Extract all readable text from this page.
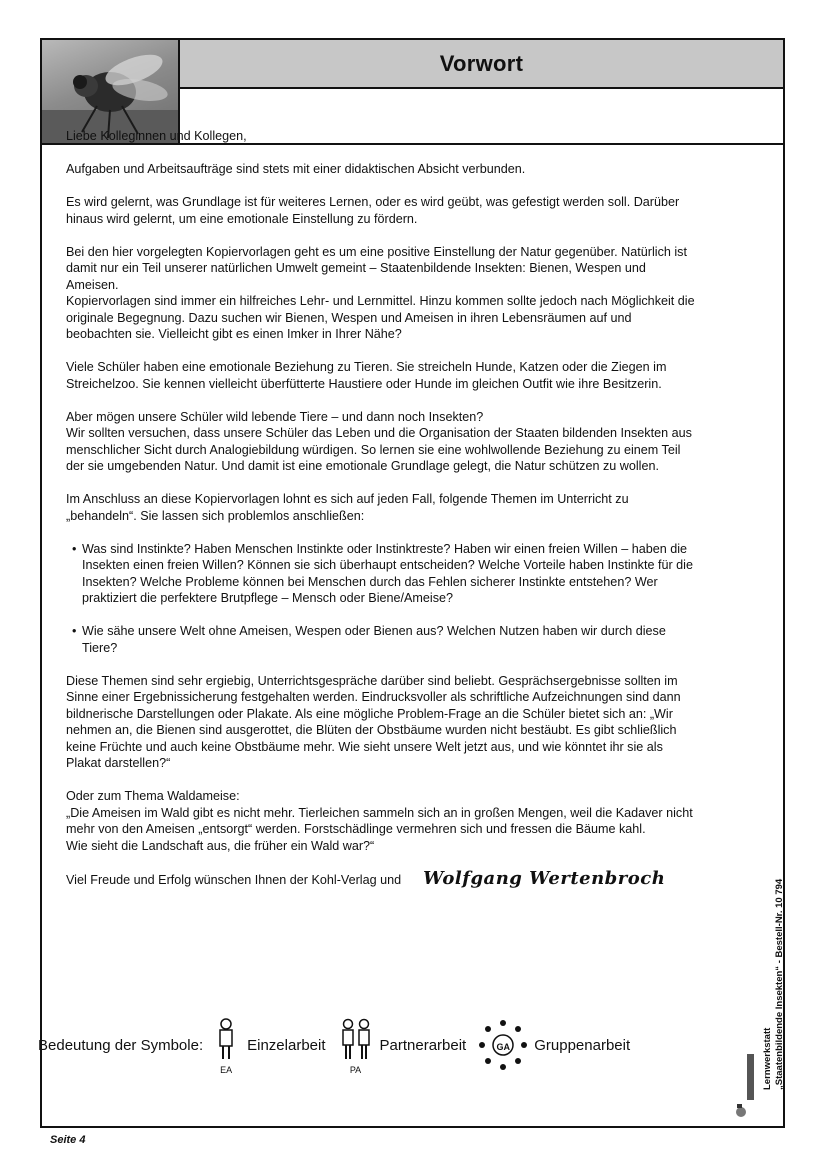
Vorwort

Liebe Kolleginnen und Kollegen,

Aufgaben und Arbeitsaufträge sind stets mit einer didaktischen Absicht verbunden.

Es wird gelernt, was Grundlage ist für weiteres Lernen, oder es wird geübt, was gefestigt werden soll. Darüber hinaus wird gelernt, um eine emotionale Einstellung zu fördern.

Bei den hier vorgelegten Kopiervorlagen geht es um eine positive Einstellung der Natur gegenüber. Natürlich ist damit nur ein Teil unserer natürlichen Umwelt gemeint – Staatenbildende Insekten: Bienen, Wespen und Ameisen.
Kopiervorlagen sind immer ein hilfreiches Lehr- und Lernmittel. Hinzu kommen sollte jedoch nach Möglichkeit die originale Begegnung. Dazu suchen wir Bienen, Wespen und Ameisen in ihren Lebensräumen auf und beobachten sie. Vielleicht gibt es einen Imker in Ihrer Nähe?

Viele Schüler haben eine emotionale Beziehung zu Tieren. Sie streicheln Hunde, Katzen oder die Ziegen im Streichelzoo. Sie kennen vielleicht überfütterte Haustiere oder Hunde im gleichen Outfit wie ihre Besitzerin.

Aber mögen unsere Schüler wild lebende Tiere – und dann noch Insekten?
Wir sollten versuchen, dass unsere Schüler das Leben und die Organisation der Staaten bildenden Insekten aus menschlicher Sicht durch Analogiebildung würdigen. So lernen sie eine wohlwollende Beziehung zu einem Teil der sie umgebenden Natur. Und damit ist eine emotionale Grundlage gelegt, die Natur schützen zu wollen.

Im Anschluss an diese Kopiervorlagen lohnt es sich auf jeden Fall, folgende Themen im Unterricht zu „behandeln“. Sie lassen sich problemlos anschließen:

• Was sind Instinkte? Haben Menschen Instinkte oder Instinktreste? Haben wir einen freien Willen – haben die Insekten einen freien Willen? Können sie sich überhaupt entscheiden? Welche Vorteile haben Instinkte für die Insekten? Welche Probleme können bei Menschen durch das Fehlen sicherer Instinkte entstehen? Wer praktiziert die perfektere Brutpflege – Mensch oder Biene/Ameise?
• Wie sähe unsere Welt ohne Ameisen, Wespen oder Bienen aus? Welchen Nutzen haben wir durch diese Tiere?

Diese Themen sind sehr ergiebig, Unterrichtsgespräche darüber sind beliebt. Gesprächsergebnisse sollten im Sinne einer Ergebnissicherung festgehalten werden. Eindrucksvoller als schriftliche Aufzeichnungen sind dann bildnerische Darstellungen oder Plakate. Als eine mögliche Problem-Frage an die Schüler bietet sich an: „Wir nehmen an, die Bienen sind ausgerottet, die Blüten der Obstbäume wurden nicht bestäubt. Es gibt schließlich keine Früchte und auch keine Obstbäume mehr. Wie sieht unsere Welt jetzt aus, und wie könntet ihr sie als Plakat darstellen?“

Oder zum Thema Waldameise:
„Die Ameisen im Wald gibt es nicht mehr. Tierleichen sammeln sich an in großen Mengen, weil die Kadaver nicht mehr von den Ameisen „entsorgt“ werden. Forstschädlinge vermehren sich und fressen die Bäume kahl.
Wie sieht die Landschaft aus, die früher ein Wald war?“

Viel Freude und Erfolg wünschen Ihnen der Kohl-Verlag und Wolfgang Wertenbroch
Bedeutung der Symbole:
EA
Einzelarbeit
PA
Partnerarbeit	GA	Gruppenarbeit	Lernwerkstatt „Staatenbildende Insekten“ - Bestell-Nr. 10 794
Seite 4
